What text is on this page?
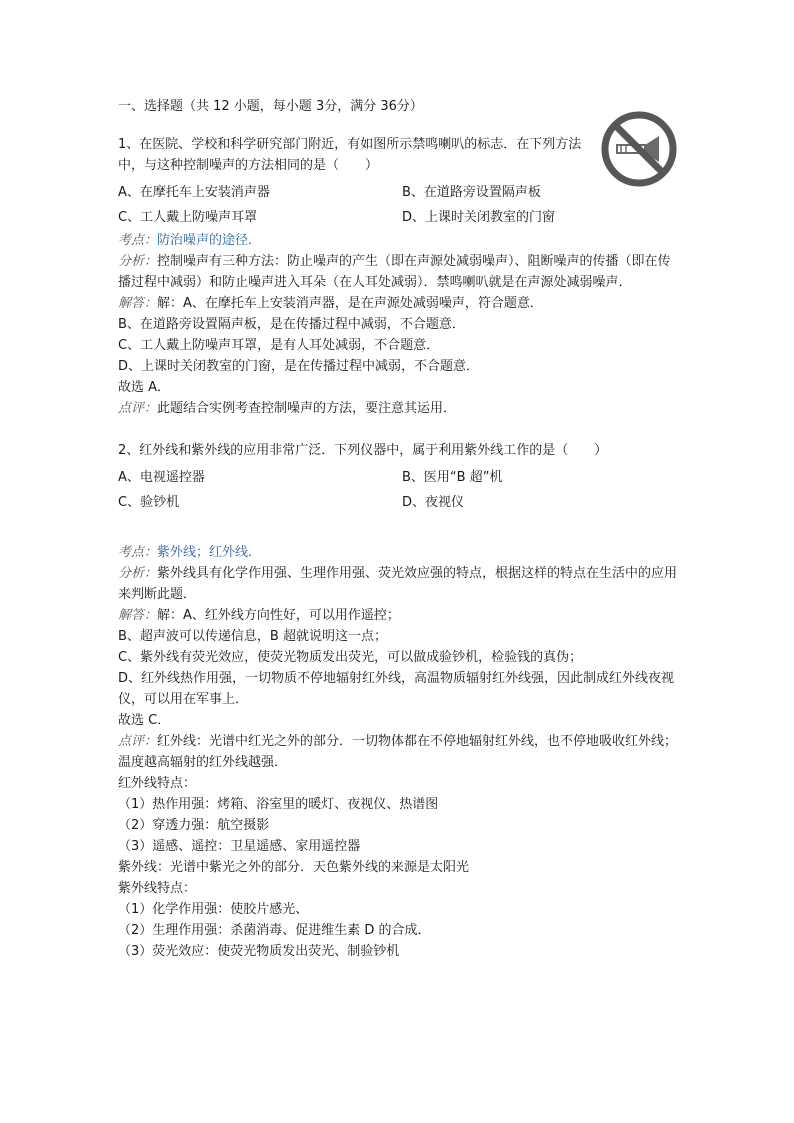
一、选择题（共 12 小题，每小题 3分，满分 36分）

1、在医院、学校和科学研究部门附近，有如图所示禁鸣喇叭的标志．在下列方法中，与这种控制噪声的方法相同的是（　　）

A、在摩托车上安装消声器	B、在道路旁设置隔声板
C、工人戴上防噪声耳罩	D、上课时关闭教室的门窗

考点：防治噪声的途径．

分析：控制噪声有三种方法：防止噪声的产生（即在声源处减弱噪声）、阻断噪声的传播（即在传播过程中减弱）和防止噪声进入耳朵（在人耳处减弱）．禁鸣喇叭就是在声源处减弱噪声．

解答：解：A、在摩托车上安装消声器，是在声源处减弱噪声，符合题意．

B、在道路旁设置隔声板，是在传播过程中减弱，不合题意．

C、工人戴上防噪声耳罩，是有人耳处减弱，不合题意．

D、上课时关闭教室的门窗，是在传播过程中减弱，不合题意．

故选 A．

点评：此题结合实例考查控制噪声的方法，要注意其运用．

2、红外线和紫外线的应用非常广泛．下列仪器中，属于利用紫外线工作的是（　　）

A、电视遥控器	B、医用“B 超”机
C、验钞机	D、夜视仪

考点：紫外线；红外线．

分析：紫外线具有化学作用强、生理作用强、荧光效应强的特点，根据这样的特点在生活中的应用来判断此题．

解答：解：A、红外线方向性好，可以用作遥控；

B、超声波可以传递信息，B 超就说明这一点；

C、紫外线有荧光效应，使荧光物质发出荧光，可以做成验钞机，检验钱的真伪；

D、红外线热作用强，一切物质不停地辐射红外线，高温物质辐射红外线强，因此制成红外线夜视仪，可以用在军事上．

故选 C．

点评：红外线：光谱中红光之外的部分．一切物体都在不停地辐射红外线，也不停地吸收红外线；温度越高辐射的红外线越强．

红外线特点：

（1）热作用强：烤箱、浴室里的暖灯、夜视仪、热谱图

（2）穿透力强：航空摄影

（3）遥感、遥控：卫星遥感、家用遥控器

紫外线：光谱中紫光之外的部分．天色紫外线的来源是太阳光

紫外线特点：

（1）化学作用强：使胶片感光、

（2）生理作用强：杀菌消毒、促进维生素 D 的合成．

（3）荧光效应：使荧光物质发出荧光、制验钞机
